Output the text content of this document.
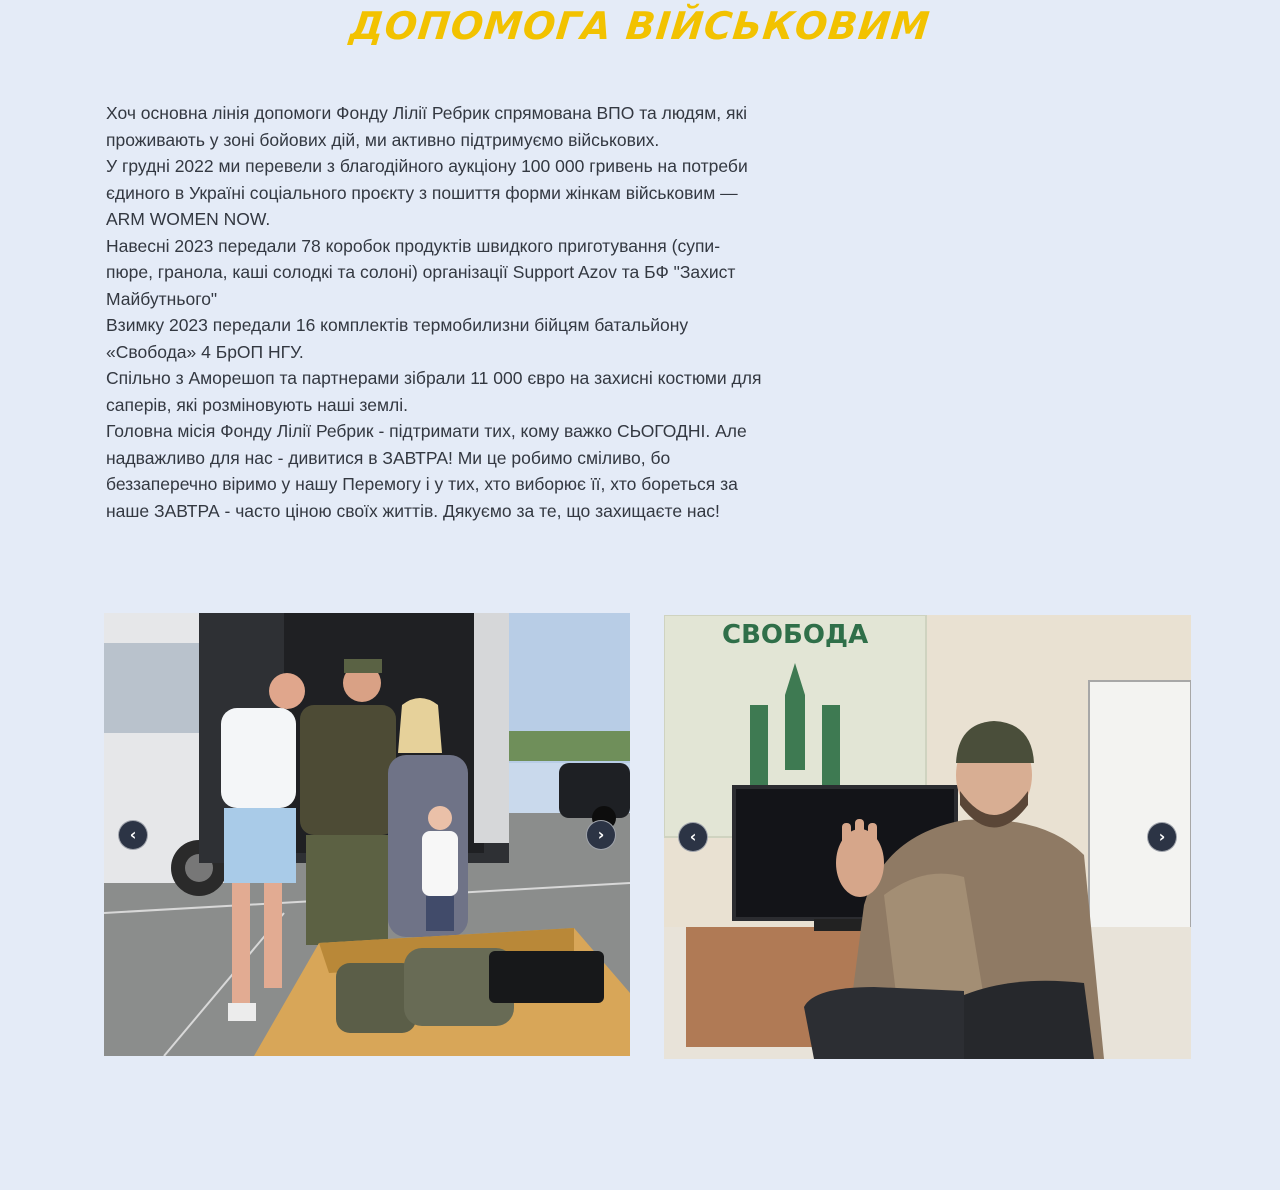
ДОПОМОГА ВІЙСЬКОВИМ

Хоч основна лінія допомоги Фонду Лілії Ребрик спрямована ВПО та людям, які проживають у зоні бойових дій, ми активно підтримуємо військових.

У грудні 2022 ми перевели з благодійного аукціону 100 000 гривень на потреби єдиного в Україні соціального проєкту з пошиття форми жінкам військовим — ARM WOMEN NOW.

Навесні 2023 передали 78 коробок продуктів швидкого приготування (супи-пюре, гранола, каші солодкі та солоні) організації Support Azov та БФ "Захист Майбутнього"

Взимку 2023 передали 16 комплектів термобилизни бійцям батальйону «Свобода» 4 БрОП НГУ.

Спільно з Аморешоп та партнерами зібрали 11 000 євро на захисні костюми для саперів, які розміновують наші землі.

Головна місія Фонду Лілії Ребрик - підтримати тих, кому важко СЬОГОДНІ. Але надважливо для нас - дивитися в ЗАВТРА! Ми це робимо сміливо, бо беззаперечно віримо у нашу Перемогу і у тих, хто виборює її, хто бореться за наше ЗАВТРА - часто ціною своїх життів. Дякуємо за те, що захищаєте нас!

‹	›
СВОБОДА
‹	›
